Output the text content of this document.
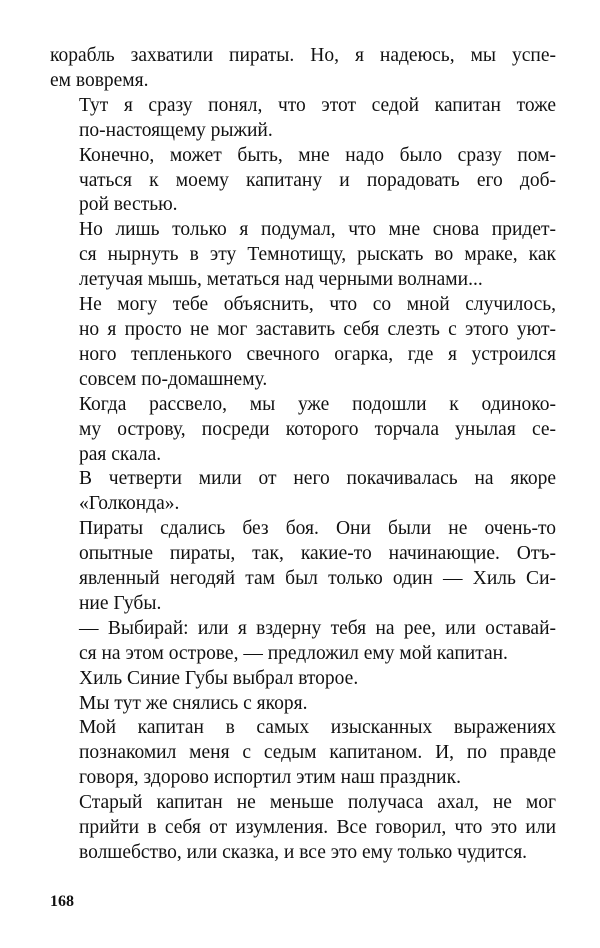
корабль захватили пираты. Но, я надеюсь, мы успе-
ем вовремя.
Тут я сразу понял, что этот седой капитан тоже
по-настоящему рыжий.
Конечно, может быть, мне надо было сразу пом-
чаться к моему капитану и порадовать его доб-
рой вестью.
Но лишь только я подумал, что мне снова придет-
ся нырнуть в эту Темнотищу, рыскать во мраке, как
летучая мышь, метаться над черными волнами...
Не могу тебе объяснить, что со мной случилось,
но я просто не мог заставить себя слезть с этого уют-
ного тепленького свечного огарка, где я устроился
совсем по-домашнему.
Когда рассвело, мы уже подошли к одиноко-
му острову, посреди которого торчала унылая се-
рая скала.
В четверти мили от него покачивалась на якоре
«Голконда».
Пираты сдались без боя. Они были не очень-то
опытные пираты, так, какие-то начинающие. Отъ-
явленный негодяй там был только один — Хиль Си-
ние Губы.
— Выбирай: или я вздерну тебя на рее, или оставай-
ся на этом острове, — предложил ему мой капитан.
Хиль Синие Губы выбрал второе.
Мы тут же снялись с якоря.
Мой капитан в самых изысканных выражениях
познакомил меня с седым капитаном. И, по правде
говоря, здорово испортил этим наш праздник.
Старый капитан не меньше получаса ахал, не мог
прийти в себя от изумления. Все говорил, что это или
волшебство, или сказка, и все это ему только чудится.
168
